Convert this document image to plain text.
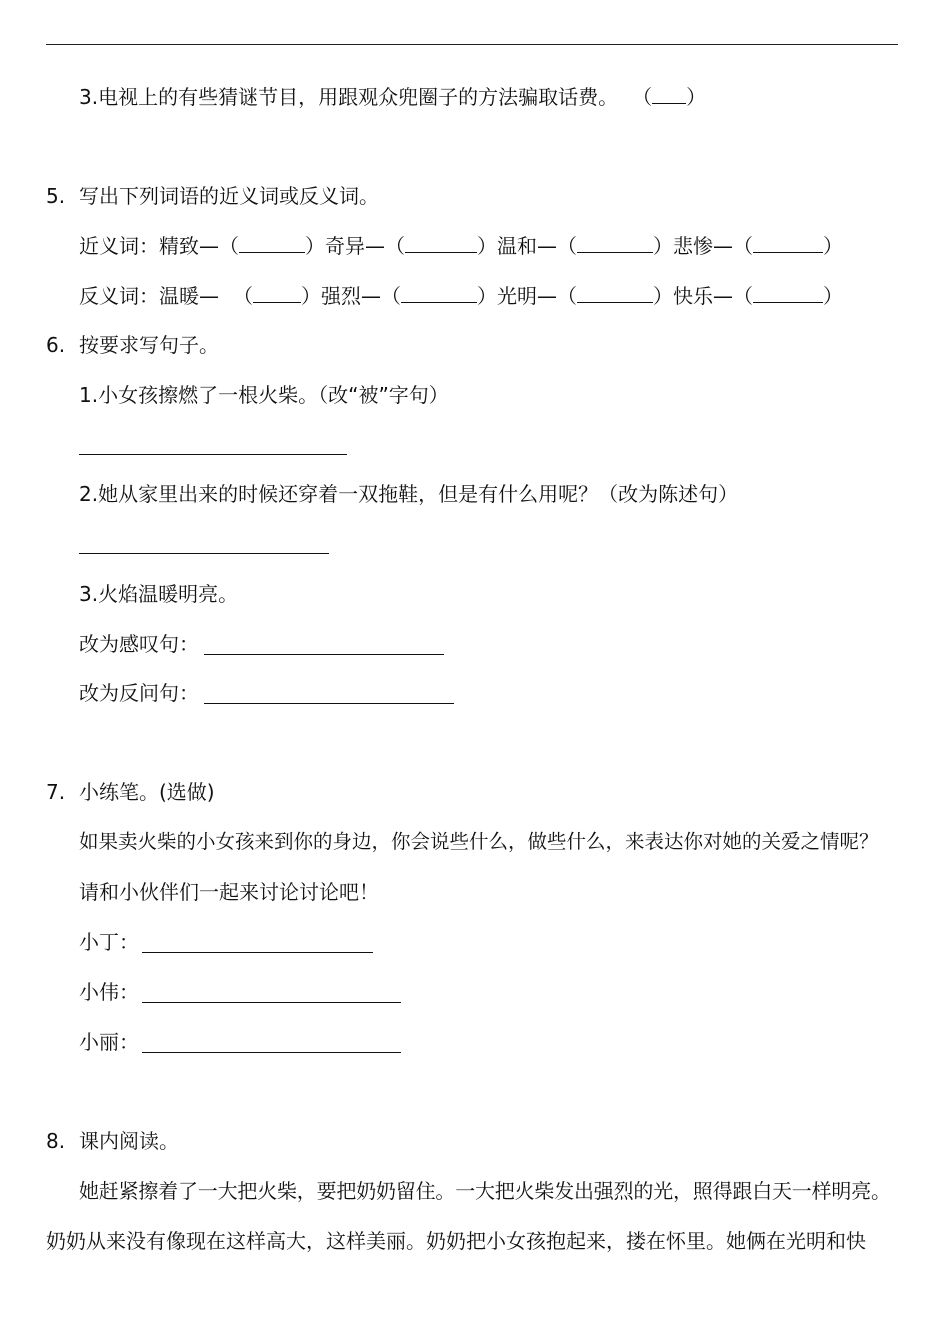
3.电视上的有些猜谜节目，用跟观众兜圈子的方法骗取话费。 （ ）
5. 写出下列词语的近义词或反义词。
近义词：精致—（	）奇异—（	）温和—（	）悲惨—（	）
反义词：温暖— （ ）强烈—（	）光明—（	）快乐—（	）
6. 按要求写句子。
1.小女孩擦燃了一根火柴。（改“被”字句）
2.她从家里出来的时候还穿着一双拖鞋，但是有什么用呢？（改为陈述句）
3.火焰温暖明亮。
改为感叹句：
改为反问句：
7. 小练笔。(选做)
如果卖火柴的小女孩来到你的身边，你会说些什么，做些什么，来表达你对她的关爱之情呢？
请和小伙伴们一起来讨论讨论吧！
小丁：
小伟：
小丽：
8. 课内阅读。
她赶紧擦着了一大把火柴，要把奶奶留住。一大把火柴发出强烈的光，照得跟白天一样明亮。
奶奶从来没有像现在这样高大，这样美丽。奶奶把小女孩抱起来，搂在怀里。她俩在光明和快
